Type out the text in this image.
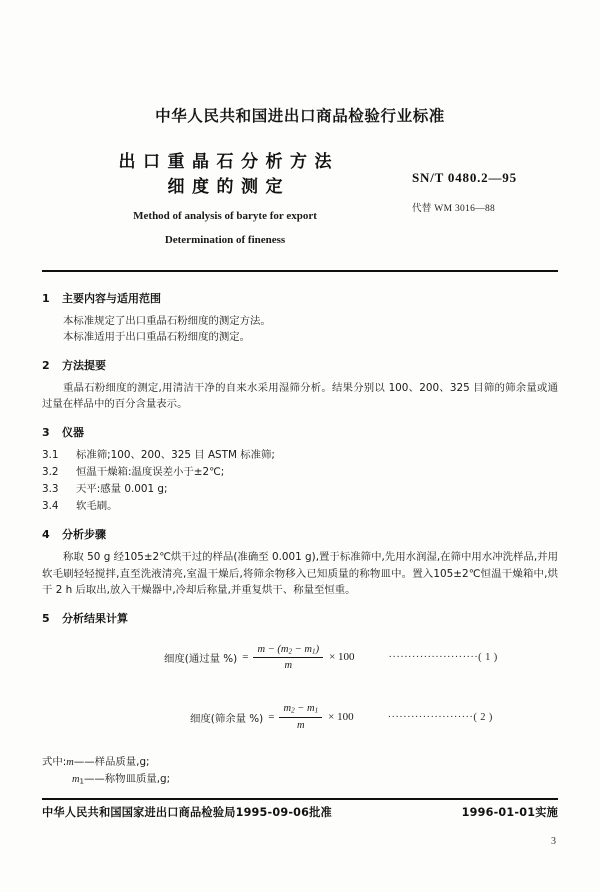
中华人民共和国进出口商品检验行业标准
出口重晶石分析方法
细度的测定
Method of analysis of baryte for export
Determination of fineness
SN/T 0480.2—95
代替 WM 3016—88
1 主要内容与适用范围

本标准规定了出口重晶石粉细度的测定方法。

本标准适用于出口重晶石粉细度的测定。

2 方法提要

重晶石粉细度的测定,用清洁干净的自来水采用湿筛分析。结果分别以 100、200、325 目筛的筛余量或通过量在样品中的百分含量表示。

3 仪器
3.1 标准筛;100、200、325 目 ASTM 标准筛;
3.2 恒温干燥箱:温度误差小于±2℃;
3.3 天平:感量 0.001 g;
3.4 软毛刷。
4 分析步骤

称取 50 g 经105±2℃烘干过的样品(准确至 0.001 g),置于标准筛中,先用水润湿,在筛中用水冲洗样品,并用软毛刷轻轻搅拌,直至洗液清亮,室温干燥后,将筛余物移入已知质量的称物皿中。置入105±2℃恒温干燥箱中,烘干 2 h 后取出,放入干燥器中,冷却后称量,并重复烘干、称量至恒重。

5 分析结果计算
细度(通过量 %) = $\frac{m - (m_2 - m_1)}{m} \times 100$	·······················( 1 )
细度(筛余量 %) = $\frac{m_2 - m_1}{m} \times 100$	······················( 2 )
式中:m——样品质量,g;
$m_1——$称物皿质量,g;
中华人民共和国国家进出口商品检验局1995-09-06批准	1996-01-01实施
3
